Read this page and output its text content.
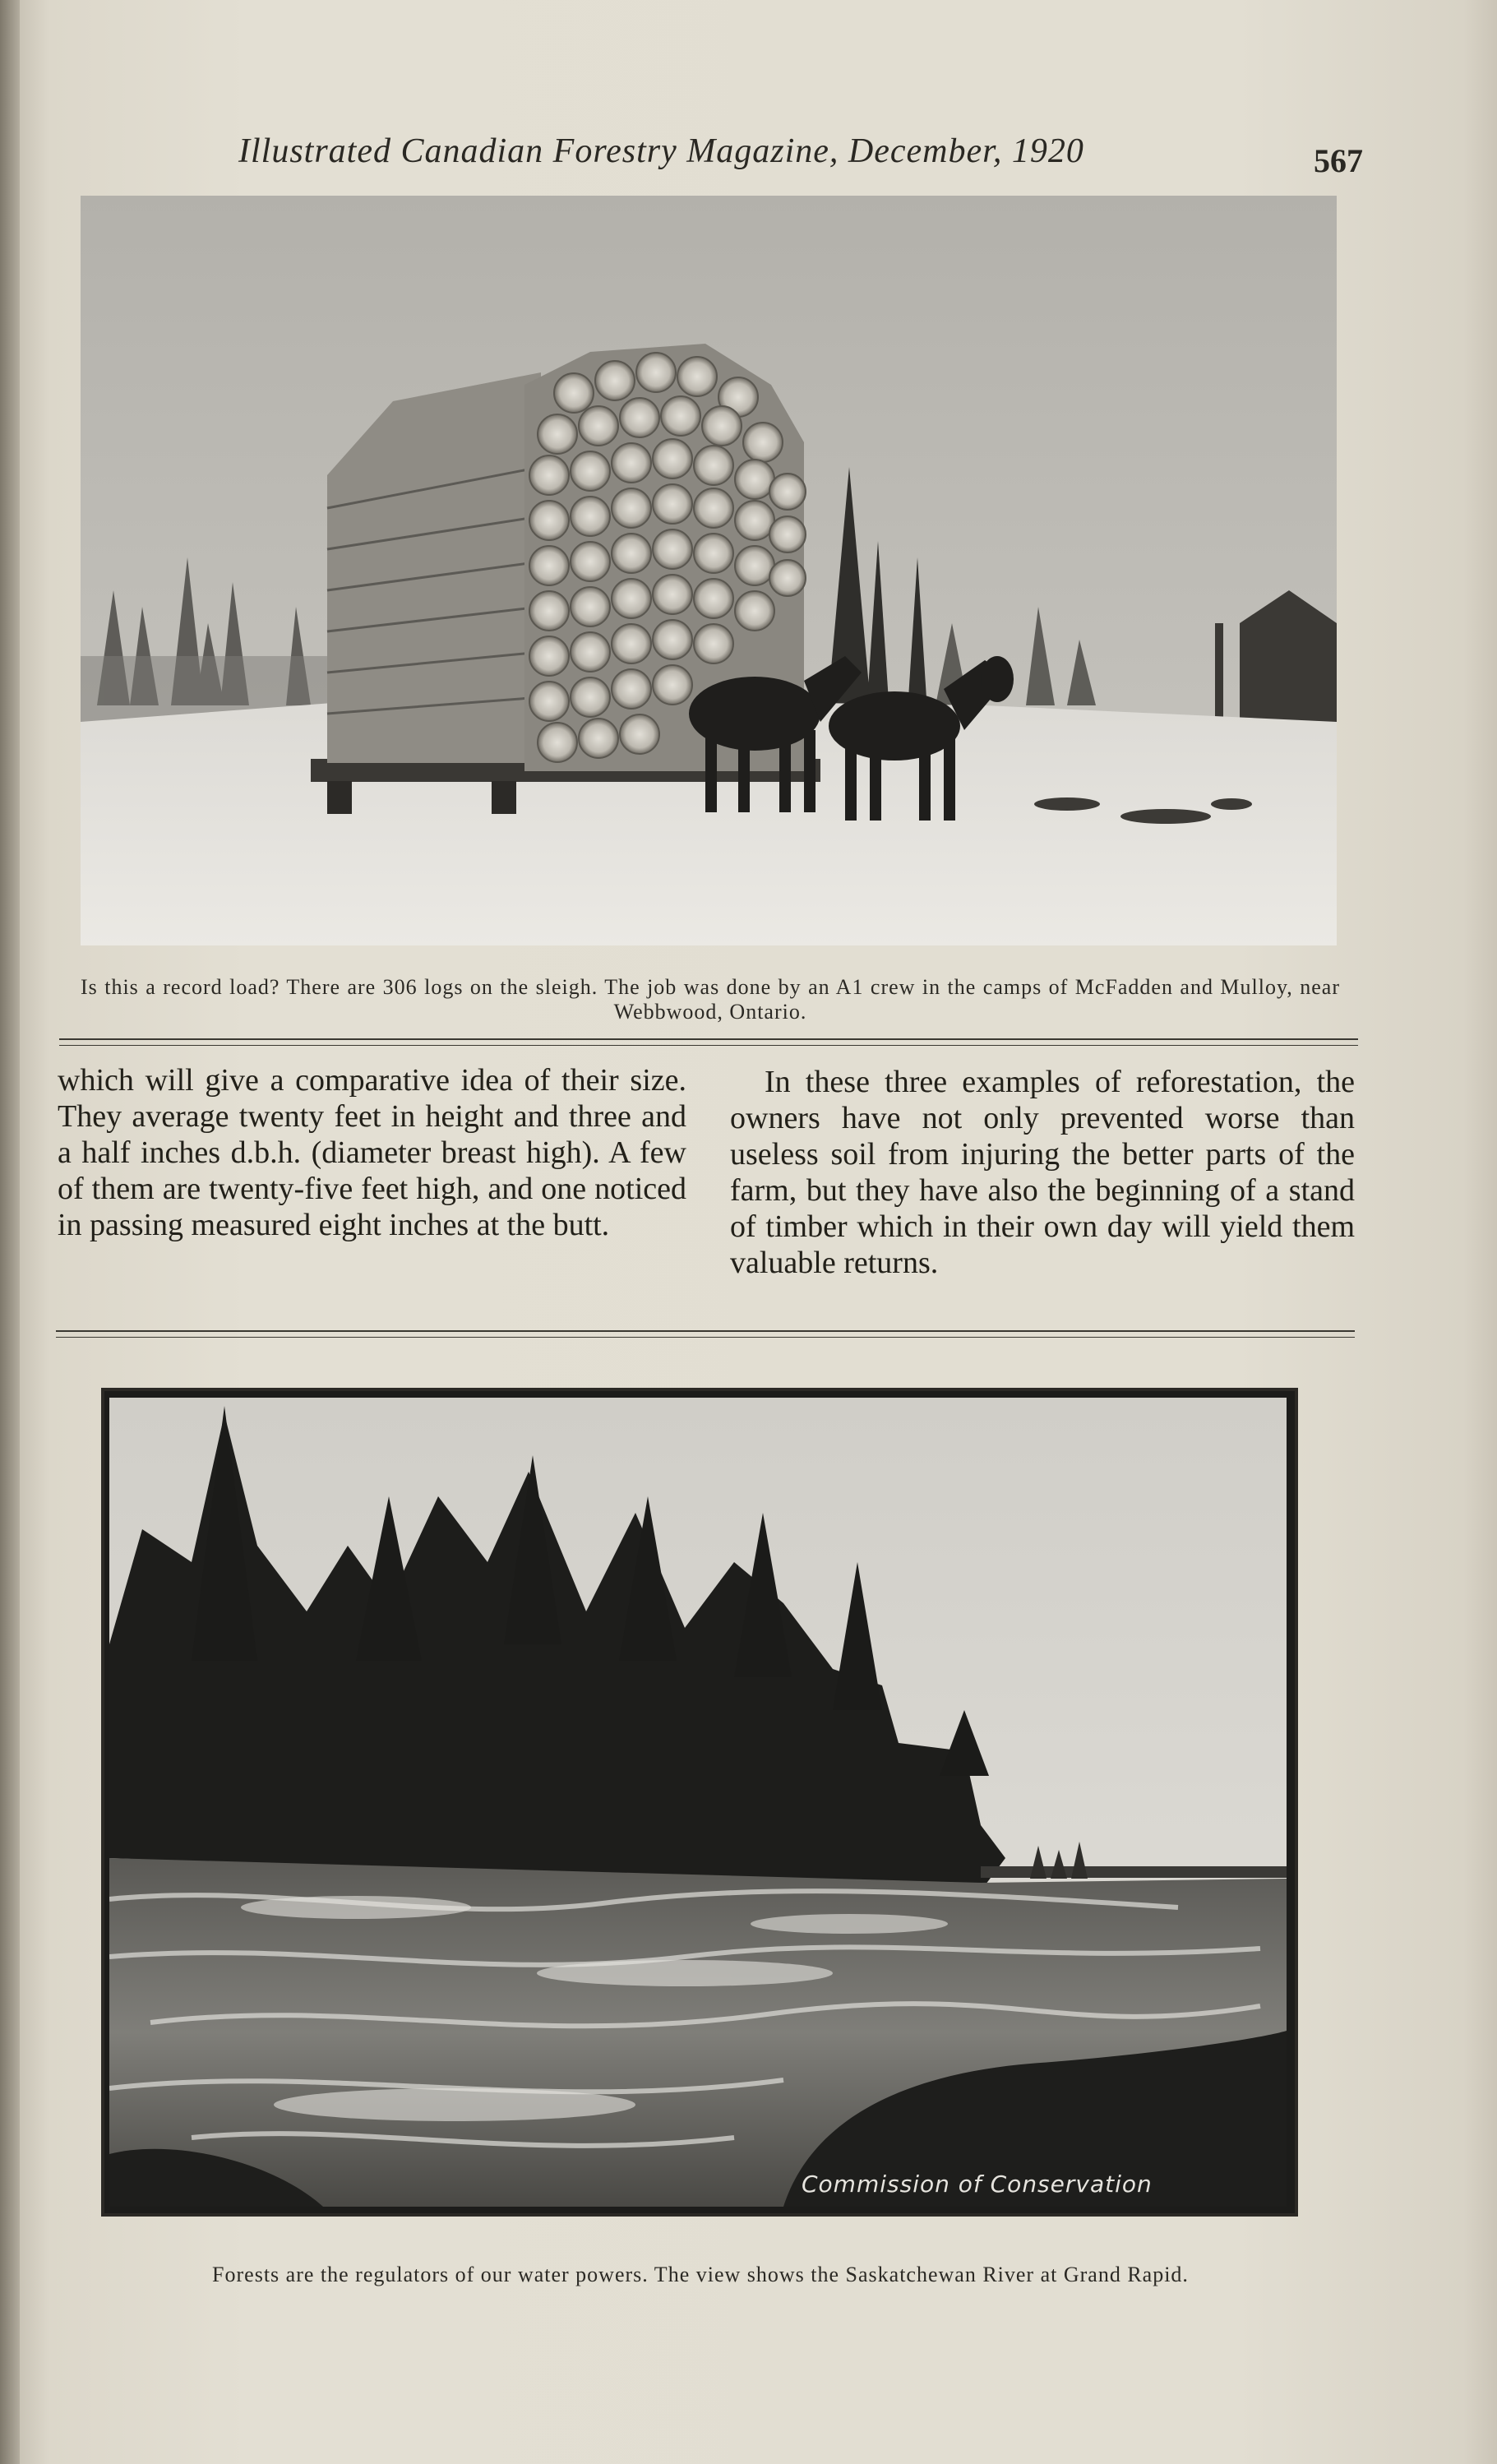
Illustrated Canadian Forestry Magazine, December, 1920	567
Is this a record load? There are 306 logs on the sleigh. The job was done by an A1 crew in the camps of McFadden and Mulloy, near Webbwood, Ontario.

which will give a comparative idea of their size. They average twenty feet in height and three and a half inches d.b.h. (diameter breast high). A few of them are twenty-five feet high, and one noticed in passing measured eight inches at the butt.

In these three examples of reforestation, the owners have not only prevented worse than useless soil from injuring the better parts of the farm, but they have also the beginning of a stand of timber which in their own day will yield them valuable returns.

Commission of Conservation
Forests are the regulators of our water powers. The view shows the Saskatchewan River at Grand Rapid.
